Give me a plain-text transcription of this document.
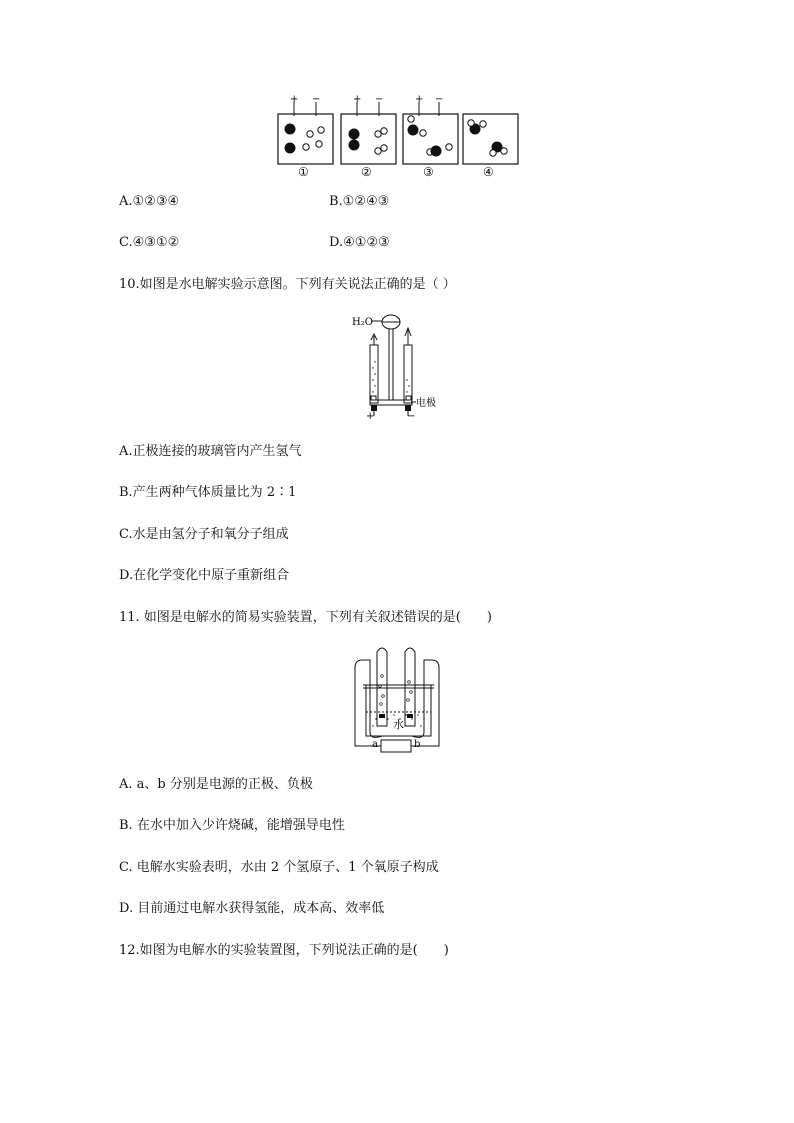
+ −
①
+ −
②
+ −
③	④
A.①②③④	B.①②④③
C.④③①②	D.④①②③
10.如图是水电解实验示意图。下列有关说法正确的是（ ）
H₂O
电极
+	−
A.正极连接的玻璃管内产生氢气
B.产生两种气体质量比为 2∶1
C.水是由氢分子和氧分子组成
D.在化学变化中原子重新组合
11. 如图是电解水的简易实验装置，下列有关叙述错误的是(　　)
a	b
水
A. a、b 分别是电源的正极、负极
B. 在水中加入少许烧碱，能增强导电性
C. 电解水实验表明，水由 2 个氢原子、1 个氧原子构成
D. 目前通过电解水获得氢能，成本高、效率低
12.如图为电解水的实验装置图，下列说法正确的是(　　)
